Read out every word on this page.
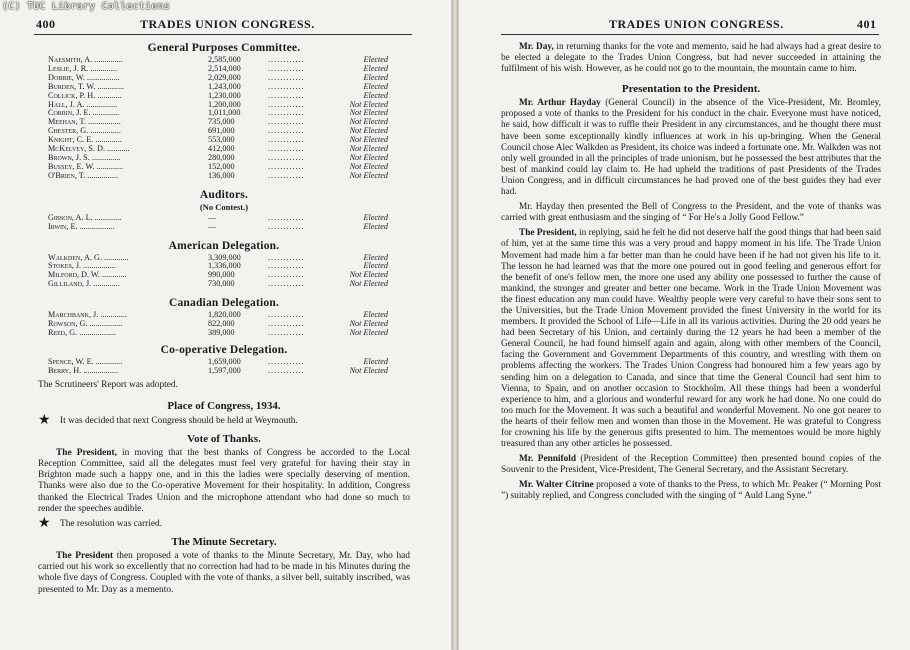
(C) TUC Library Collections
400	TRADES UNION CONGRESS.
General Purposes Committee.
Naesmith, A. ..............	2,585,000	............	Elected
Leslie, J. R. .............	2,514,000	............	Elected
Dobbie, W. ................	2,029,000	............	Elected
Burden, T. W. .............	1,243,000	............	Elected
Collick, P. H. ............	1,230,000	............	Elected
Hall, J. A. ...............	1,200,000	............	Not Elected
Corrin, J. E. .............	1,011,000	............	Not Elected
Meehan, T. ................	735,000	............	Not Elected
Chester, G. ...............	691,000	............	Not Elected
Knight, C. E. .............	553,000	............	Not Elected
McKelvey, S. D. ...........	412,000	............	Not Elected
Brown, J. S. ..............	280,000	............	Not Elected
Bussey, E. W. .............	152,000	............	Not Elected
O'Brien, T. ...............	136,000	............	Not Elected
Auditors.
(No Contest.)
Gibson, A. L. .............	—	............	Elected
Irwin, E. .................	—	............	Elected
American Delegation.
Walkden, A. G. ............	3,309,000	............	Elected
Stokes, J. ................	1,336,000	............	Elected
Milford, D. W. ............	990,000	............	Not Elected
Gilliland, J. .............	730,000	............	Not Elected
Canadian Delegation.
Marchbank, J. .............	1,820,000	............	Elected
Rowson, G. ................	822,000	............	Not Elected
Reed, G. ..................	389,000	............	Not Elected
Co-operative Delegation.
Spence, W. E. .............	1,659,000	............	Elected
Berry, H. .................	1,597,000	............	Not Elected
The Scrutineers' Report was adopted.
Place of Congress, 1934.
★	It was decided that next Congress should be held at Weymouth.
Vote of Thanks.
The President, in moving that the best thanks of Congress be accorded to the Local Reception Committee, said all the delegates must feel very grateful for having their stay in Brighton made such a happy one, and in this the ladies were specially deserving of mention. Thanks were also due to the Co-operative Movement for their hospitality. In addition, Congress thanked the Electrical Trades Union and the microphone attendant who had done so much to render the speeches audible.
★	The resolution was carried.
The Minute Secretary.
The President then proposed a vote of thanks to the Minute Secretary, Mr. Day, who had carried out his work so excellently that no correction had had to be made in his Minutes during the whole five days of Congress. Coupled with the vote of thanks, a silver bell, suitably inscribed, was presented to Mr. Day as a memento.
TRADES UNION CONGRESS.	401
Mr. Day, in returning thanks for the vote and memento, said he had always had a great desire to be elected a delegate to the Trades Union Congress, but had never succeeded in attaining the fulfilment of his wish. However, as he could not go to the mountain, the mountain came to him.
Presentation to the President.
Mr. Arthur Hayday (General Council) in the absence of the Vice-President, Mr. Bromley, proposed a vote of thanks to the President for his conduct in the chair. Everyone must have noticed, he said, how difficult it was to ruffle their President in any circumstances, and he thought there must have been some exceptionally kindly influences at work in his up-bringing. When the General Council chose Alec Walkden as President, its choice was indeed a fortunate one. Mr. Walkden was not only well grounded in all the principles of trade unionism, but he possessed the best attributes that the best of mankind could lay claim to. He had upheld the traditions of past Presidents of the Trades Union Congress, and in difficult circumstances he had proved one of the best guides they had ever had.
Mr. Hayday then presented the Bell of Congress to the President, and the vote of thanks was carried with great enthusiasm and the singing of “ For He's a Jolly Good Fellow.”
The President, in replying, said he felt he did not deserve half the good things that had been said of him, yet at the same time this was a very proud and happy moment in his life. The Trade Union Movement had made him a far better man than he could have been if he had not given his life to it. The lesson he had learned was that the more one poured out in good feeling and generous effort for the benefit of one's fellow men, the more one used any ability one possessed to further the cause of mankind, the stronger and greater and better one became. Work in the Trade Union Movement was the finest education any man could have. Wealthy people were very careful to have their sons sent to the Universities, but the Trade Union Movement provided the finest University in the world for its members. It provided the School of Life—Life in all its various activities. During the 20 odd years he had been Secretary of his Union, and certainly during the 12 years he had been a member of the General Council, he had found himself again and again, along with other members of the Council, facing the Government and Government Departments of this country, and wrestling with them on problems affecting the workers. The Trades Union Congress had honoured him a few years ago by sending him on a delegation to Canada, and since that time the General Council had sent him to Vienna, to Spain, and on another occasion to Stockholm. All these things had been a wonderful experience to him, and a glorious and wonderful reward for any work he had done. No one could do too much for the Movement. It was such a beautiful and wonderful Movement. No one got nearer to the hearts of their fellow men and women than those in the Movement. He was grateful to Congress for crowning his life by the generous gifts presented to him. The mementoes would be more highly treasured than any other articles he possessed.
Mr. Pennifold (President of the Reception Committee) then presented bound copies of the Souvenir to the President, Vice-President, The General Secretary, and the Assistant Secretary.
Mr. Walter Citrine proposed a vote of thanks to the Press, to which Mr. Peaker (“ Morning Post ”) suitably replied, and Congress concluded with the singing of “ Auld Lang Syne.”
